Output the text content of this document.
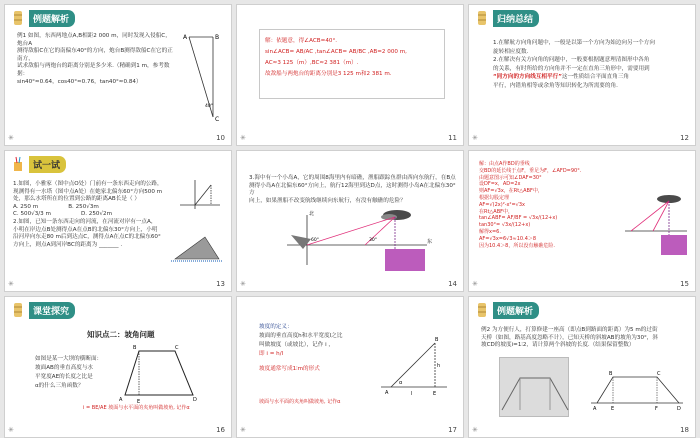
例题解析
例1 如图，东西两地点A,B相距2 000 m，同时发现入侵船C，炮台A
测得敌船C在它的南偏东40°的方向，炮台B测得敌船C在它的正南方，
试求敌船与两炮台的距离分别是多少米.（精确到1 m，参考数据：
sin40°≈0.64，cos40°≈0.76，tan40°≈0.84）
A	B
C
40°
10
✳
解：依题意，得∠ACB=40°.
sin∠ACB= AB/AC ,tan∠ACB= AB/BC ,AB=2 000 m,
AC≈3 125（m）,BC≈2 381（m）.
故敌船与两炮台的距离分别是3 125 m和2 381 m.
11
✳
归纳总结
1.在解航方向角问题中，一般是以第一个方向为始边向另一个方向
旋转相应度数.
2.在解决有关方向角的问题中，一般要根据题意理清图形中各角
的关系，有时所给的方向角并不一定在直角三角形中，需要用到
“同方向的方向线互相平行”这一性质结合平面直角三角
平行，内错角相等或余角等知识转化为所需要的角.
12
✳
试一试
1.如图，小雅家（图中点O处）门前有一条东西走向的公路，
现测得有一水塔（图中点A处）在她家北偏东60°方向500 m
处，那么水塔所在的位置到公路的距离AB长是（ ）
A. 250 m	B. 250√3m
C. 500√3/3 m	D. 250√2m
2.如图，已知一条东西走向的河流，在河流对岸有一点A，
小明在岸边点B处测得点A在点B的北偏东30°方向上，小明
沿河岸向东走80 m后到达点C，测得点A在点C的北偏东60°
方向上，则点A到河岸BC的距离为 _______ .
13
✳
3.海中有一个小岛A，它的周围8海里内有暗礁，渔船跟踪鱼群由西向东航行，在B点
测得小岛A在北偏东60°方向上，航行12海里到达D点，这时测得小岛A在北偏东30°方
向上，如果渔船不改变航线继续向东航行，有没有触礁的危险？
北
东
60°	30°
14
✳
解：由点A作BD的垂线
交BD的延长线于点F，垂足为F，∠AFD=90°.
由题意图示可知∠DAF=30°
设DF=x，AD=2x
则AF=√3x，在Rt△ABF中，
根据勾股定理
AF=√(2x)²-x²=√3x
在Rt△ABF中，
tan∠ABF= AF/BF = √3x/(12+x)
tan30°= √3x/(12+x)
解得x=6.
AF=√3x=6√3≈10.4＞8
因为10.4＞8，所以没有触礁危险.
15
✳
课堂探究
知识点二：坡角问题
如图是某一大坝的横断面：
坡面AB的垂直高度与水
平宽度AE的长度之比是
α的什么三角函数？
i = BE/AE 坡面与水平面的夹角叫做坡角, 记作α
B
A	E
C
D
16
✳
坡度的定义：
坡面的垂直高度h和水平宽度l之比
叫做坡度（或坡比），记作 i ，
即 i = h/l
坡度通常写成1∶m的形式
坡面与水平面的夹角叫做坡角, 记作α
B
A	E
h
l
α
17
✳
例题解析
例2 为方便行人，打算修建一座高（即点B到路面的距离）为5 m的过街
天桥（如图，路基高度忽略不计），已知天桥的斜坡AB的坡角为30°，斜
坡CD的坡度i=1∶2，请计算两个斜坡的长度.（结果保留整数）
A
B
E
C
F	D
18
✳
